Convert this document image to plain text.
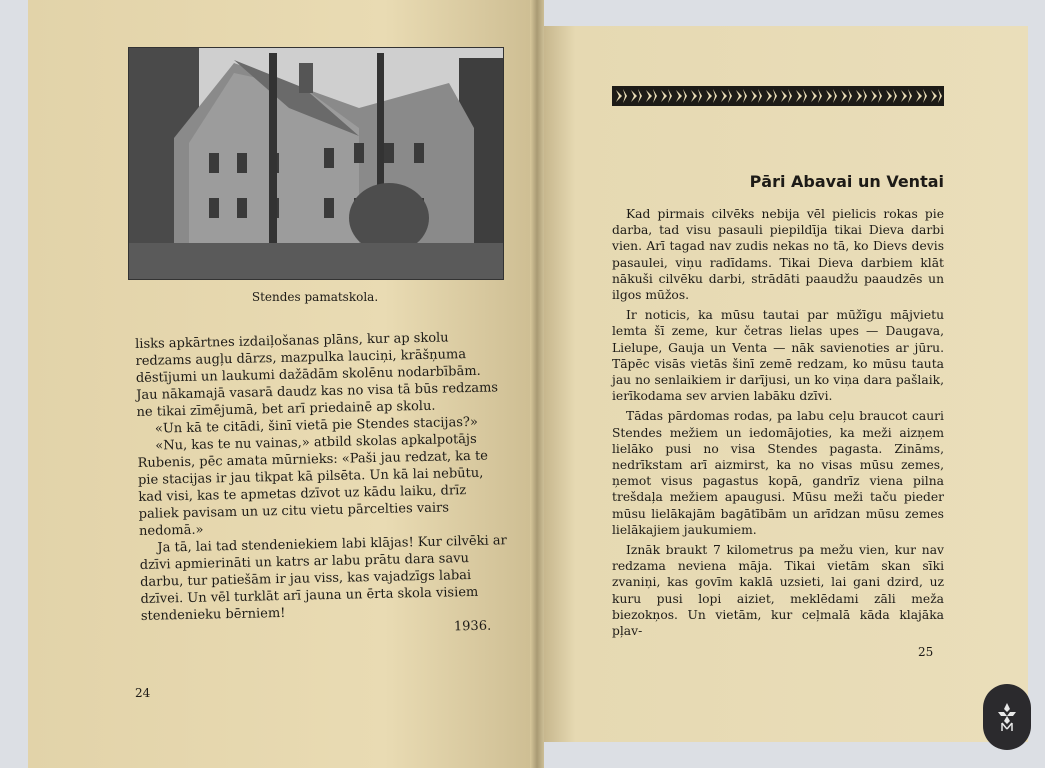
Stendes pamatskola.

lisks apkārtnes izdaiļošanas plāns, kur ap skolu redzams augļu dārzs, mazpulka lauciņi, krāšņuma dēstījumi un laukumi dažādām skolēnu nodarbībām. Jau nākamajā vasarā daudz kas no visa tā būs redzams ne tikai zīmējumā, bet arī priedainē ap skolu.

«Un kā te citādi, šinī vietā pie Stendes stacijas?»

«Nu, kas te nu vainas,» atbild skolas apkalpotājs Rubenis, pēc amata mūrnieks: «Paši jau redzat, ka te pie stacijas ir jau tikpat kā pilsēta. Un kā lai nebūtu, kad visi, kas te apmetas dzīvot uz kādu laiku, drīz paliek pavisam un uz citu vietu pārcelties vairs nedomā.»

Ja tā, lai tad stendeniekiem labi klājas! Kur cilvēki ar dzīvi apmierināti un katrs ar labu prātu dara savu darbu, tur patiešām ir jau viss, kas vajadzīgs labai dzīvei. Un vēl turklāt arī jauna un ērta skola visiem stendenieku bērniem!

1936.
24
Pāri Abavai un Ventai

Kad pirmais cilvēks nebija vēl pielicis rokas pie darba, tad visu pasauli piepildīja tikai Dieva darbi vien. Arī tagad nav zudis nekas no tā, ko Dievs devis pasaulei, viņu radīdams. Tikai Dieva darbiem klāt nākuši cilvēku darbi, strādāti paaudžu paaudzēs un ilgos mūžos.

Ir noticis, ka mūsu tautai par mūžīgu mājvietu lemta šī zeme, kur četras lielas upes — Daugava, Lielupe, Gauja un Venta — nāk savienoties ar jūru. Tāpēc visās vietās šinī zemē redzam, ko mūsu tauta jau no senlaikiem ir darījusi, un ko viņa dara pašlaik, ierīkodama sev arvien labāku dzīvi.

Tādas pārdomas rodas, pa labu ceļu braucot cauri Stendes mežiem un iedomājoties, ka meži aizņem lielāko pusi no visa Stendes pagasta. Zināms, nedrīkstam arī aizmirst, ka no visas mūsu zemes, ņemot visus pagastus kopā, gandrīz viena pilna trešdaļa mežiem apaugusi. Mūsu meži taču pieder mūsu lielākajām bagātībām un arīdzan mūsu zemes lielākajiem jaukumiem.

Iznāk braukt 7 kilometrus pa mežu vien, kur nav redzama neviena māja. Tikai vietām skan sīki zvaniņi, kas govīm kaklā uzsieti, lai gani dzird, uz kuru pusi lopi aiziet, meklēdami zāli meža biezokņos. Un vietām, kur ceļmalā kāda klajāka pļav-

25
